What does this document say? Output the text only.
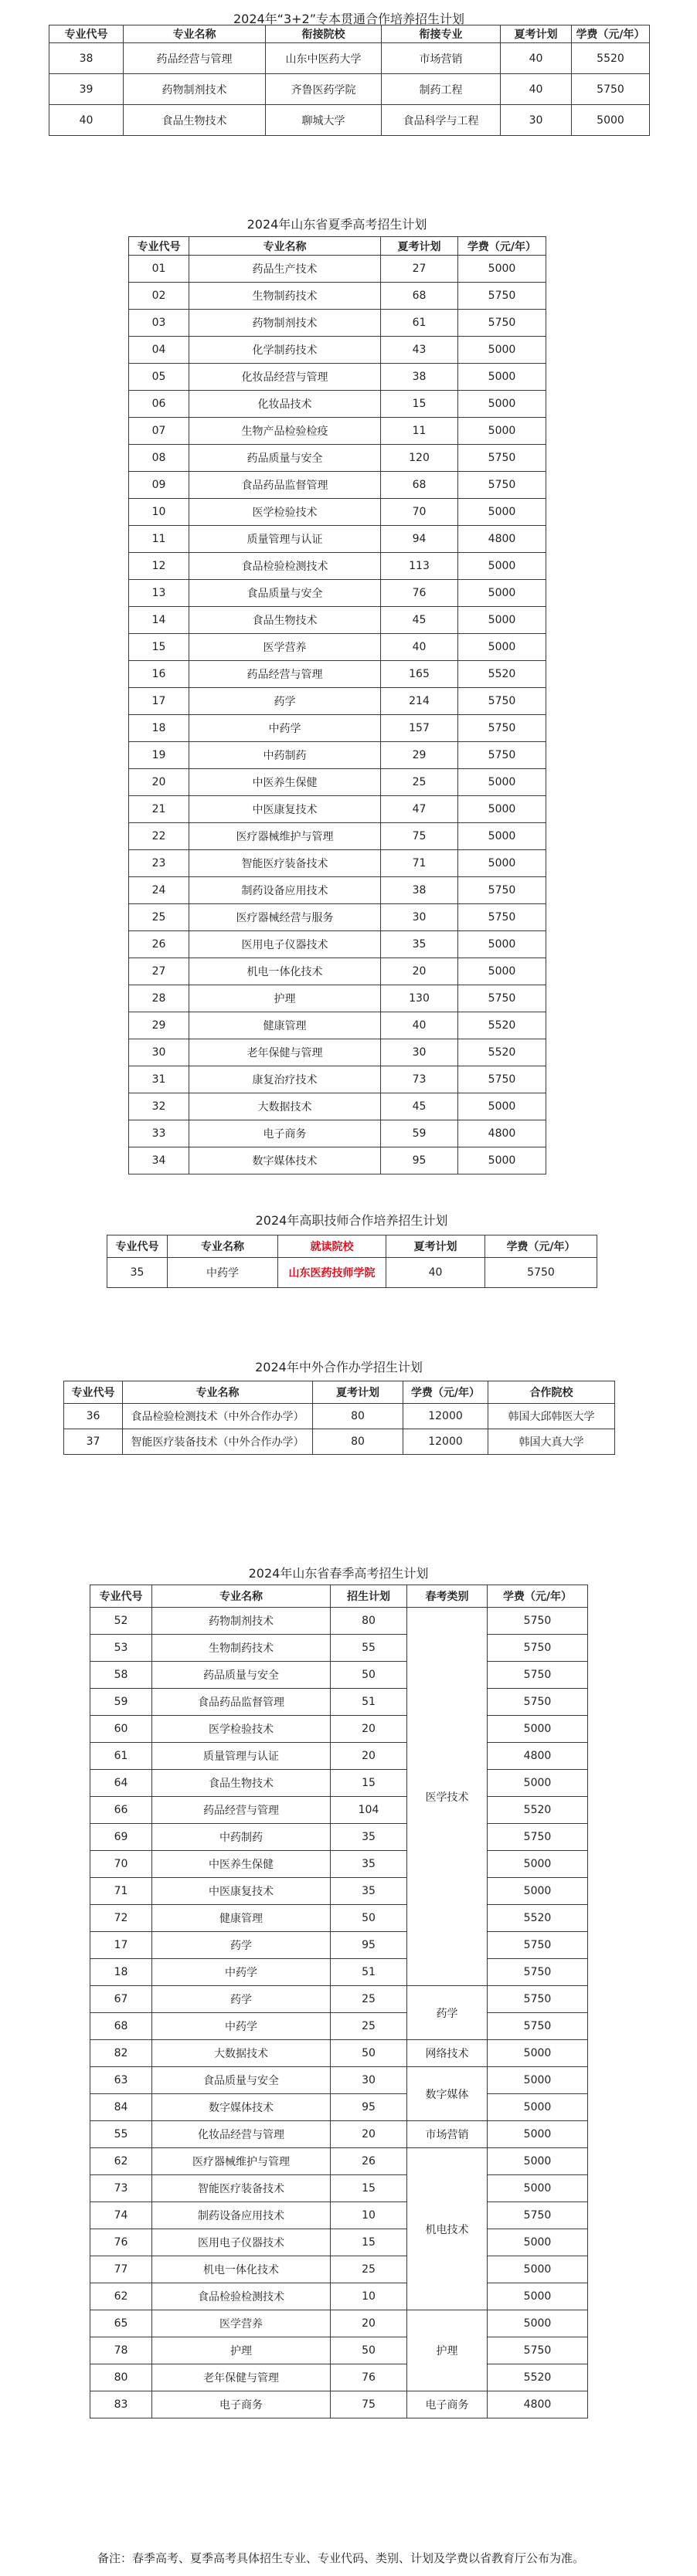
2024年“3+2”专本贯通合作培养招生计划
专业代号	专业名称	衔接院校	衔接专业	夏考计划	学费（元/年）
38	药品经营与管理	山东中医药大学	市场营销	40	5520
39	药物制剂技术	齐鲁医药学院	制药工程	40	5750
40	食品生物技术	聊城大学	食品科学与工程	30	5000
2024年山东省夏季高考招生计划
专业代号	专业名称	夏考计划	学费（元/年）
01	药品生产技术	27	5000
02	生物制药技术	68	5750
03	药物制剂技术	61	5750
04	化学制药技术	43	5000
05	化妆品经营与管理	38	5000
06	化妆品技术	15	5000
07	生物产品检验检疫	11	5000
08	药品质量与安全	120	5750
09	食品药品监督管理	68	5750
10	医学检验技术	70	5000
11	质量管理与认证	94	4800
12	食品检验检测技术	113	5000
13	食品质量与安全	76	5000
14	食品生物技术	45	5000
15	医学营养	40	5000
16	药品经营与管理	165	5520
17	药学	214	5750
18	中药学	157	5750
19	中药制药	29	5750
20	中医养生保健	25	5000
21	中医康复技术	47	5000
22	医疗器械维护与管理	75	5000
23	智能医疗装备技术	71	5000
24	制药设备应用技术	38	5750
25	医疗器械经营与服务	30	5750
26	医用电子仪器技术	35	5000
27	机电一体化技术	20	5000
28	护理	130	5750
29	健康管理	40	5520
30	老年保健与管理	30	5520
31	康复治疗技术	73	5750
32	大数据技术	45	5000
33	电子商务	59	4800
34	数字媒体技术	95	5000
2024年高职技师合作培养招生计划
专业代号	专业名称	就读院校	夏考计划	学费（元/年）
35	中药学	山东医药技师学院	40	5750
2024年中外合作办学招生计划
专业代号	专业名称	夏考计划	学费（元/年）	合作院校
36	食品检验检测技术（中外合作办学）	80	12000	韩国大邱韩医大学
37	智能医疗装备技术（中外合作办学）	80	12000	韩国大真大学
2024年山东省春季高考招生计划
专业代号	专业名称	招生计划	春考类别	学费（元/年）
52	药物制剂技术	80	医学技术	5750
53	生物制药技术	55		5750
58	药品质量与安全	50		5750
59	食品药品监督管理	51		5750
60	医学检验技术	20		5000
61	质量管理与认证	20		4800
64	食品生物技术	15		5000
66	药品经营与管理	104		5520
69	中药制药	35		5750
70	中医养生保健	35		5000
71	中医康复技术	35		5000
72	健康管理	50		5520
17	药学	95		5750
18	中药学	51		5750
67	药学	25	药学	5750
68	中药学	25		5750
82	大数据技术	50	网络技术	5000
63	食品质量与安全	30	数字媒体	5000
84	数字媒体技术	95		5000
55	化妆品经营与管理	20	市场营销	5000
62	医疗器械维护与管理	26	机电技术	5000
73	智能医疗装备技术	15		5000
74	制药设备应用技术	10		5750
76	医用电子仪器技术	15		5000
77	机电一体化技术	25		5000
62	食品检验检测技术	10		5000
65	医学营养	20	护理	5000
78	护理	50		5750
80	老年保健与管理	76		5520
83	电子商务	75	电子商务	4800
备注：春季高考、夏季高考具体招生专业、专业代码、类别、计划及学费以省教育厅公布为准。
